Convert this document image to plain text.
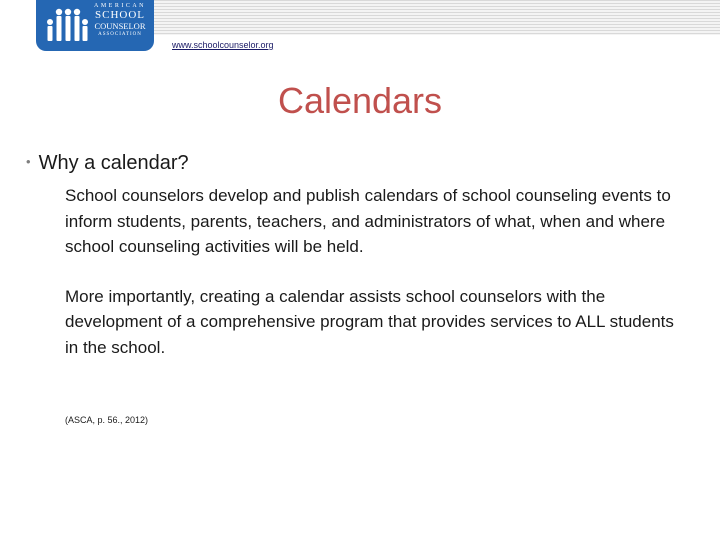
AMERICAN
SCHOOL
COUNSELOR
ASSOCIATION
www.schoolcounselor.org
Calendars
• Why a calendar?
School counselors develop and publish calendars of school counseling events to inform students, parents, teachers, and administrators of what, when and where school counseling activities will be held.
More importantly, creating a calendar assists school counselors with the development of a comprehensive program that provides services to ALL students in the school.
(ASCA, p. 56., 2012)
